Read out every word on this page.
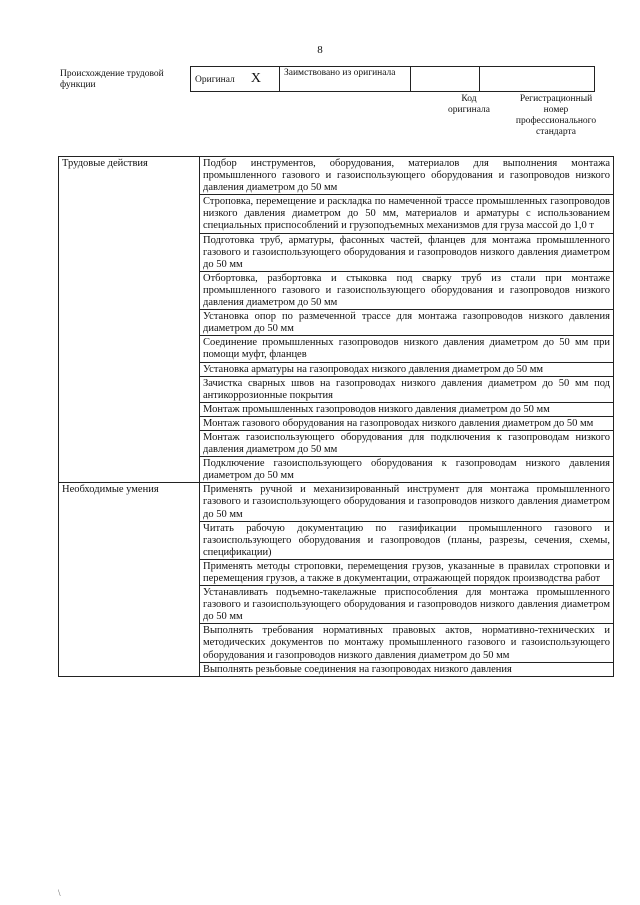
8
Происхождение трудовой функции
Оригинал X	Заимствовано из оригинала		
Код оригинала
Регистрационный номер профессионального стандарта
Трудовые действия	Подбор инструментов, оборудования, материалов для выполнения монтажа промышленного газового и газоиспользующего оборудования и газопроводов низкого давления диаметром до 50 мм
	Строповка, перемещение и раскладка по намеченной трассе промышленных газопроводов низкого давления диаметром до 50 мм, материалов и арматуры с использованием специальных приспособлений и грузоподъемных механизмов для груза массой до 1,0 т
	Подготовка труб, арматуры, фасонных частей, фланцев для монтажа промышленного газового и газоиспользующего оборудования и газопроводов низкого давления диаметром до 50 мм
	Отбортовка, разбортовка и стыковка под сварку труб из стали при монтаже промышленного газового и газоиспользующего оборудования и газопроводов низкого давления диаметром до 50 мм
	Установка опор по размеченной трассе для монтажа газопроводов низкого давления диаметром до 50 мм
	Соединение промышленных газопроводов низкого давления диаметром до 50 мм при помощи муфт, фланцев
	Установка арматуры на газопроводах низкого давления диаметром до 50 мм
	Зачистка сварных швов на газопроводах низкого давления диаметром до 50 мм под антикоррозионные покрытия
	Монтаж промышленных газопроводов низкого давления диаметром до 50 мм
	Монтаж газового оборудования на газопроводах низкого давления диаметром до 50 мм
	Монтаж газоиспользующего оборудования для подключения к газопроводам низкого давления диаметром до 50 мм
	Подключение газоиспользующего оборудования к газопроводам низкого давления диаметром до 50 мм
Необходимые умения	Применять ручной и механизированный инструмент для монтажа промышленного газового и газоиспользующего оборудования и газопроводов низкого давления диаметром до 50 мм
	Читать рабочую документацию по газификации промышленного газового и газоиспользующего оборудования и газопроводов (планы, разрезы, сечения, схемы, спецификации)
	Применять методы строповки, перемещения грузов, указанные в правилах строповки и перемещения грузов, а также в документации, отражающей порядок производства работ
	Устанавливать подъемно-такелажные приспособления для монтажа промышленного газового и газоиспользующего оборудования и газопроводов низкого давления диаметром до 50 мм
	Выполнять требования нормативных правовых актов, нормативно-технических и методических документов по монтажу промышленного газового и газоиспользующего оборудования и газопроводов низкого давления диаметром до 50 мм
	Выполнять резьбовые соединения на газопроводах низкого давления
\
